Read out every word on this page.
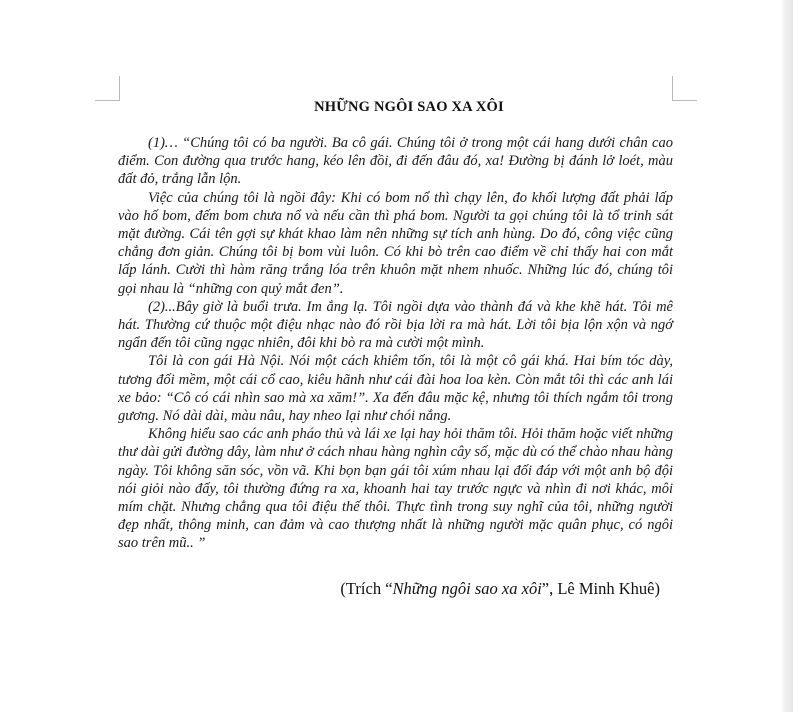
NHỮNG NGÔI SAO XA XÔI

(1)… “Chúng tôi có ba người. Ba cô gái. Chúng tôi ở trong một cái hang dưới chân cao điểm. Con đường qua trước hang, kéo lên đồi, đi đến đâu đó, xa! Đường bị đánh lở loét, màu đất đỏ, trắng lẫn lộn.

Việc của chúng tôi là ngồi đây: Khi có bom nổ thì chạy lên, đo khối lượng đất phải lấp vào hố bom, đếm bom chưa nổ và nếu cần thì phá bom. Người ta gọi chúng tôi là tổ trinh sát mặt đường. Cái tên gợi sự khát khao làm nên những sự tích anh hùng. Do đó, công việc cũng chẳng đơn giản. Chúng tôi bị bom vùi luôn. Có khi bò trên cao điểm về chỉ thấy hai con mắt lấp lánh. Cười thì hàm răng trắng lóa trên khuôn mặt nhem nhuốc. Những lúc đó, chúng tôi gọi nhau là “những con quỷ mắt đen”.

(2)...Bây giờ là buổi trưa. Im ắng lạ. Tôi ngồi dựa vào thành đá và khe khẽ hát. Tôi mê hát. Thường cứ thuộc một điệu nhạc nào đó rồi bịa lời ra mà hát. Lời tôi bịa lộn xộn và ngớ ngẩn đến tôi cũng ngạc nhiên, đôi khi bò ra mà cười một mình.

Tôi là con gái Hà Nội. Nói một cách khiêm tốn, tôi là một cô gái khá. Hai bím tóc dày, tương đối mềm, một cái cổ cao, kiêu hãnh như cái đài hoa loa kèn. Còn mắt tôi thì các anh lái xe bảo: “Cô có cái nhìn sao mà xa xăm!”. Xa đến đâu mặc kệ, nhưng tôi thích ngắm tôi trong gương. Nó dài dài, màu nâu, hay nheo lại như chói nắng.

Không hiểu sao các anh pháo thủ và lái xe lại hay hỏi thăm tôi. Hỏi thăm hoặc viết những thư dài gửi đường dây, làm như ở cách nhau hàng nghìn cây số, mặc dù có thể chào nhau hàng ngày. Tôi không săn sóc, vồn vã. Khi bọn bạn gái tôi xúm nhau lại đối đáp với một anh bộ đội nói giỏi nào đấy, tôi thường đứng ra xa, khoanh hai tay trước ngực và nhìn đi nơi khác, môi mím chặt. Nhưng chẳng qua tôi điệu thế thôi. Thực tình trong suy nghĩ của tôi, những người đẹp nhất, thông minh, can đảm và cao thượng nhất là những người mặc quân phục, có ngôi sao trên mũ.. ”

(Trích “Những ngôi sao xa xôi”, Lê Minh Khuê)
